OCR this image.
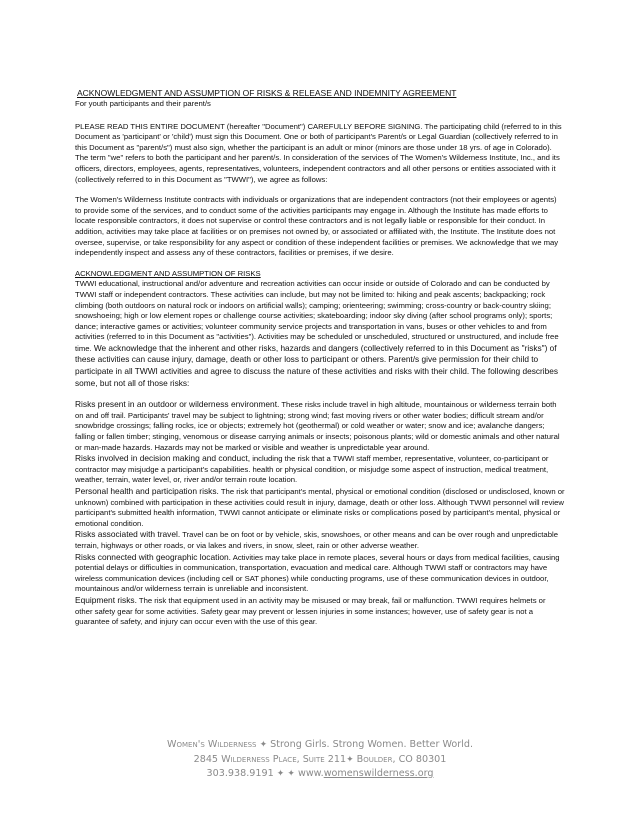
ACKNOWLEDGMENT AND ASSUMPTION OF RISKS & RELEASE AND INDEMNITY AGREEMENT
For youth participants and their parent/s

PLEASE READ THIS ENTIRE DOCUMENT (hereafter "Document") CAREFULLY BEFORE SIGNING. The participating child (referred to in this Document as 'participant' or 'child') must sign this Document. One or both of participant's Parent/s or Legal Guardian (collectively referred to in this Document as "parent/s") must also sign, whether the participant is an adult or minor (minors are those under 18 yrs. of age in Colorado). The term "we" refers to both the participant and her parent/s. In consideration of the services of The Women's Wilderness Institute, Inc., and its officers, directors, employees, agents, representatives, volunteers, independent contractors and all other persons or entities associated with it (collectively referred to in this Document as "TWWI"), we agree as follows:

The Women's Wilderness Institute contracts with individuals or organizations that are independent contractors (not their employees or agents) to provide some of the services, and to conduct some of the activities participants may engage in. Although the Institute has made efforts to locate responsible contractors, it does not supervise or control these contractors and is not legally liable or responsible for their conduct. In addition, activities may take place at facilities or on premises not owned by, or associated or affiliated with, the Institute. The Institute does not oversee, supervise, or take responsibility for any aspect or condition of these independent facilities or premises. We acknowledge that we may independently inspect and assess any of these contractors, facilities or premises, if we desire.

ACKNOWLEDGMENT AND ASSUMPTION OF RISKS

TWWI educational, instructional and/or adventure and recreation activities can occur inside or outside of Colorado and can be conducted by TWWI staff or independent contractors. These activities can include, but may not be limited to: hiking and peak ascents; backpacking; rock climbing (both outdoors on natural rock or indoors on artificial walls); camping; orienteering; swimming; cross-country or back-country skiing; snowshoeing; high or low element ropes or challenge course activities; skateboarding; indoor sky diving (after school programs only); sports; dance; interactive games or activities; volunteer community service projects and transportation in vans, buses or other vehicles to and from activities (referred to in this Document as "activities"). Activities may be scheduled or unscheduled, structured or unstructured, and include free time. We acknowledge that the inherent and other risks, hazards and dangers (collectively referred to in this Document as "risks") of these activities can cause injury, damage, death or other loss to participant or others. Parent/s give permission for their child to participate in all TWWI activities and agree to discuss the nature of these activities and risks with their child. The following describes some, but not all of those risks:

Risks present in an outdoor or wilderness environment. These risks include travel in high altitude, mountainous or wilderness terrain both on and off trail. Participants' travel may be subject to lightning; strong wind; fast moving rivers or other water bodies; difficult stream and/or snowbridge crossings; falling rocks, ice or objects; extremely hot (geothermal) or cold weather or water; snow and ice; avalanche dangers; falling or fallen timber; stinging, venomous or disease carrying animals or insects; poisonous plants; wild or domestic animals and other natural or man-made hazards. Hazards may not be marked or visible and weather is unpredictable year around.

Risks involved in decision making and conduct, including the risk that a TWWI staff member, representative, volunteer, co-participant or contractor may misjudge a participant's capabilities. health or physical condition, or misjudge some aspect of instruction, medical treatment, weather, terrain, water level, or, river and/or terrain route location.

Personal health and participation risks. The risk that participant's mental, physical or emotional condition (disclosed or undisclosed, known or unknown) combined with participation in these activities could result in injury, damage, death or other loss. Although TWWI personnel will review participant's submitted health information, TWWI cannot anticipate or eliminate risks or complications posed by participant's mental, physical or emotional condition.

Risks associated with travel. Travel can be on foot or by vehicle, skis, snowshoes, or other means and can be over rough and unpredictable terrain, highways or other roads, or via lakes and rivers, in snow, sleet, rain or other adverse weather.

Risks connected with geographic location. Activities may take place in remote places, several hours or days from medical facilities, causing potential delays or difficulties in communication, transportation, evacuation and medical care. Although TWWI staff or contractors may have wireless communication devices (including cell or SAT phones) while conducting programs, use of these communication devices in outdoor, mountainous and/or wilderness terrain is unreliable and inconsistent.

Equipment risks. The risk that equipment used in an activity may be misused or may break, fail or malfunction. TWWI requires helmets or other safety gear for some activities. Safety gear may prevent or lessen injuries in some instances; however, use of safety gear is not a guarantee of safety, and injury can occur even with the use of this gear.

Women's Wilderness ✦ Strong Girls. Strong Women. Better World.
2845 Wilderness Place, Suite 211✦ Boulder, CO 80301
303.938.9191 ✦ ✦ www.womenswilderness.org
